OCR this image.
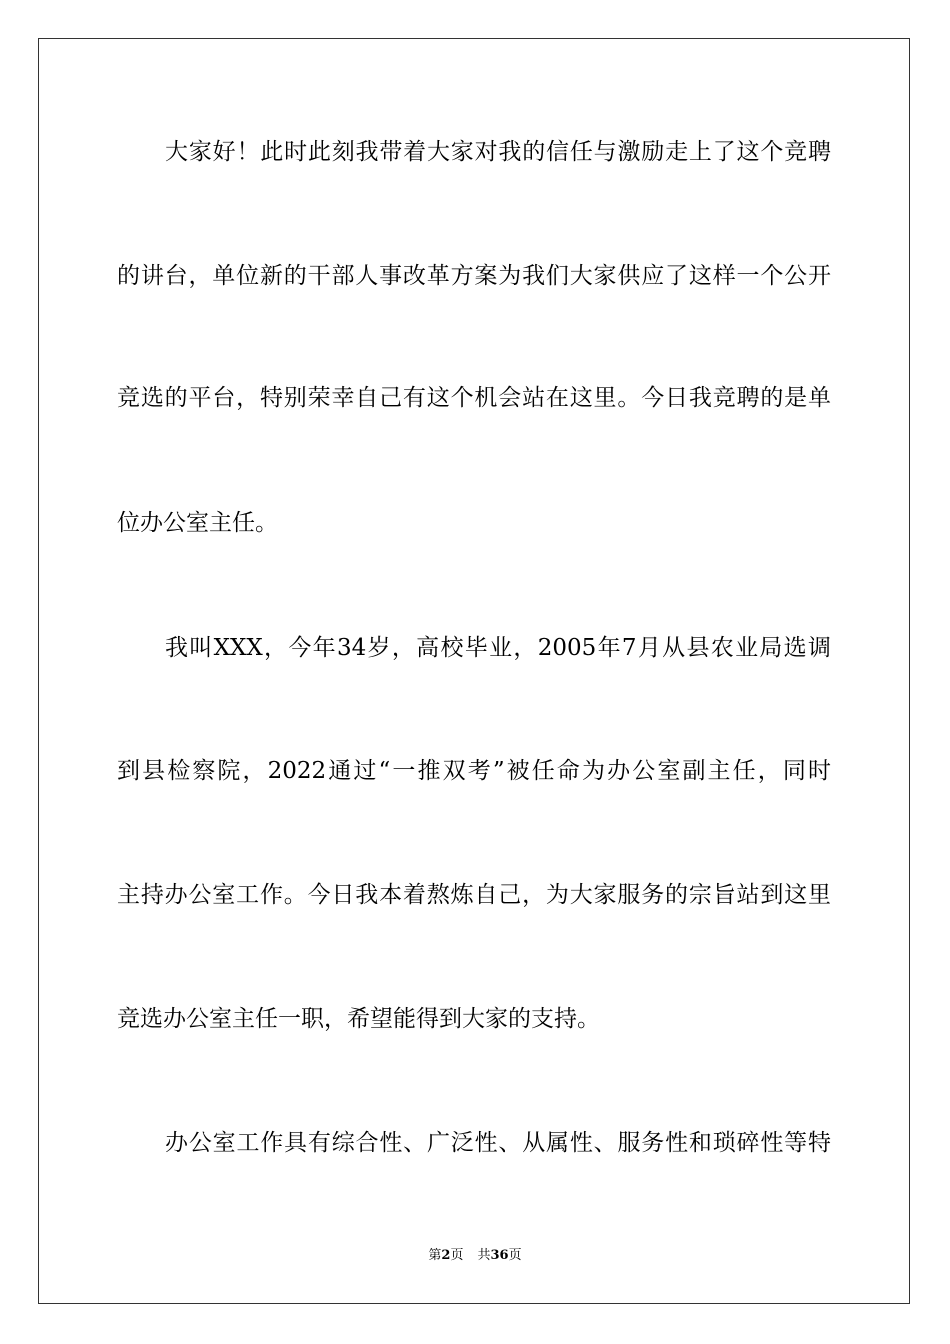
大家好！此时此刻我带着大家对我的信任与激励走上了这个竞聘
的讲台，单位新的干部人事改革方案为我们大家供应了这样一个公开
竞选的平台，特别荣幸自己有这个机会站在这里。今日我竞聘的是单
位办公室主任。
我叫XXX，今年34岁，高校毕业，2005年7月从县农业局选调
到县检察院，2022通过“一推双考”被任命为办公室副主任，同时
主持办公室工作。今日我本着熬炼自己，为大家服务的宗旨站到这里
竞选办公室主任一职，希望能得到大家的支持。
办公室工作具有综合性、广泛性、从属性、服务性和琐碎性等特
第2页 共36页
